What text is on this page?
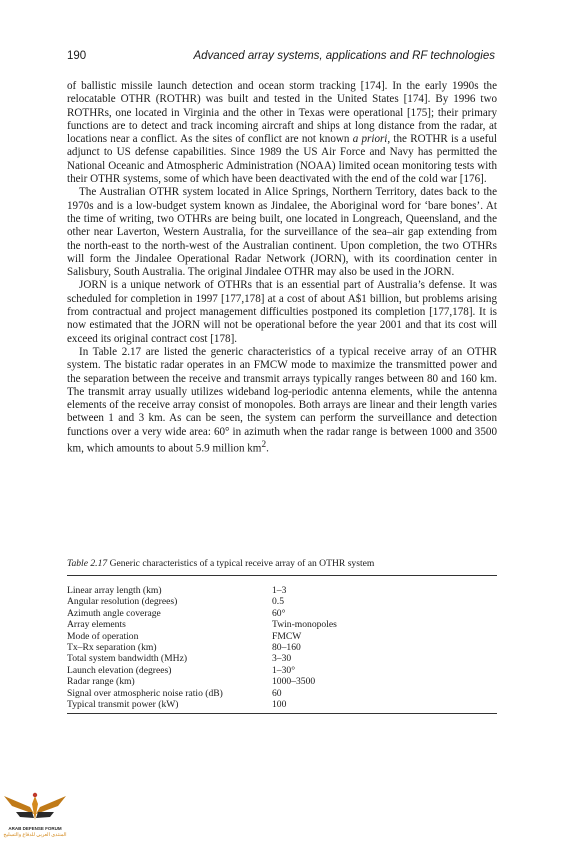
190	Advanced array systems, applications and RF technologies

of ballistic missile launch detection and ocean storm tracking [174]. In the early 1990s the relocatable OTHR (ROTHR) was built and tested in the United States [174]. By 1996 two ROTHRs, one located in Virginia and the other in Texas were operational [175]; their primary functions are to detect and track incoming aircraft and ships at long distance from the radar, at locations near a conflict. As the sites of conflict are not known a priori, the ROTHR is a useful adjunct to US defense capabilities. Since 1989 the US Air Force and Navy has permitted the National Oceanic and Atmospheric Administration (NOAA) limited ocean monitoring tests with their OTHR systems, some of which have been deactivated with the end of the cold war [176].

The Australian OTHR system located in Alice Springs, Northern Territory, dates back to the 1970s and is a low-budget system known as Jindalee, the Aboriginal word for ‘bare bones’. At the time of writing, two OTHRs are being built, one located in Longreach, Queensland, and the other near Laverton, Western Australia, for the surveillance of the sea–air gap extending from the north-east to the north-west of the Australian continent. Upon completion, the two OTHRs will form the Jindalee Operational Radar Network (JORN), with its coordination center in Salisbury, South Australia. The original Jindalee OTHR may also be used in the JORN.

JORN is a unique network of OTHRs that is an essential part of Australia’s defense. It was scheduled for completion in 1997 [177,178] at a cost of about A$1 billion, but problems arising from contractual and project management difficulties postponed its completion [177,178]. It is now estimated that the JORN will not be operational before the year 2001 and that its cost will exceed its original contract cost [178].

In Table 2.17 are listed the generic characteristics of a typical receive array of an OTHR system. The bistatic radar operates in an FMCW mode to maximize the transmitted power and the separation between the receive and transmit arrays typically ranges between 80 and 160 km. The transmit array usually utilizes wideband log-periodic antenna elements, while the antenna elements of the receive array consist of monopoles. Both arrays are linear and their length varies between 1 and 3 km. As can be seen, the system can perform the surveillance and detection functions over a very wide area: 60° in azimuth when the radar range is between 1000 and 3500 km, which amounts to about 5.9 million $km^2$.

Table 2.17 Generic characteristics of a typical receive array of an OTHR system
Linear array length (km)	1–3
Angular resolution (degrees)	0.5
Azimuth angle coverage	60°
Array elements	Twin-monopoles
Mode of operation	FMCW
Tx–Rx separation (km)	80–160
Total system bandwidth (MHz)	3–30
Launch elevation (degrees)	1–30°
Radar range (km)	1000–3500
Signal over atmospheric noise ratio (dB)	60
Typical transmit power (kW)	100
ARAB DEFENSE FORUM
المنتدى العربي للدفاع والتسليح
